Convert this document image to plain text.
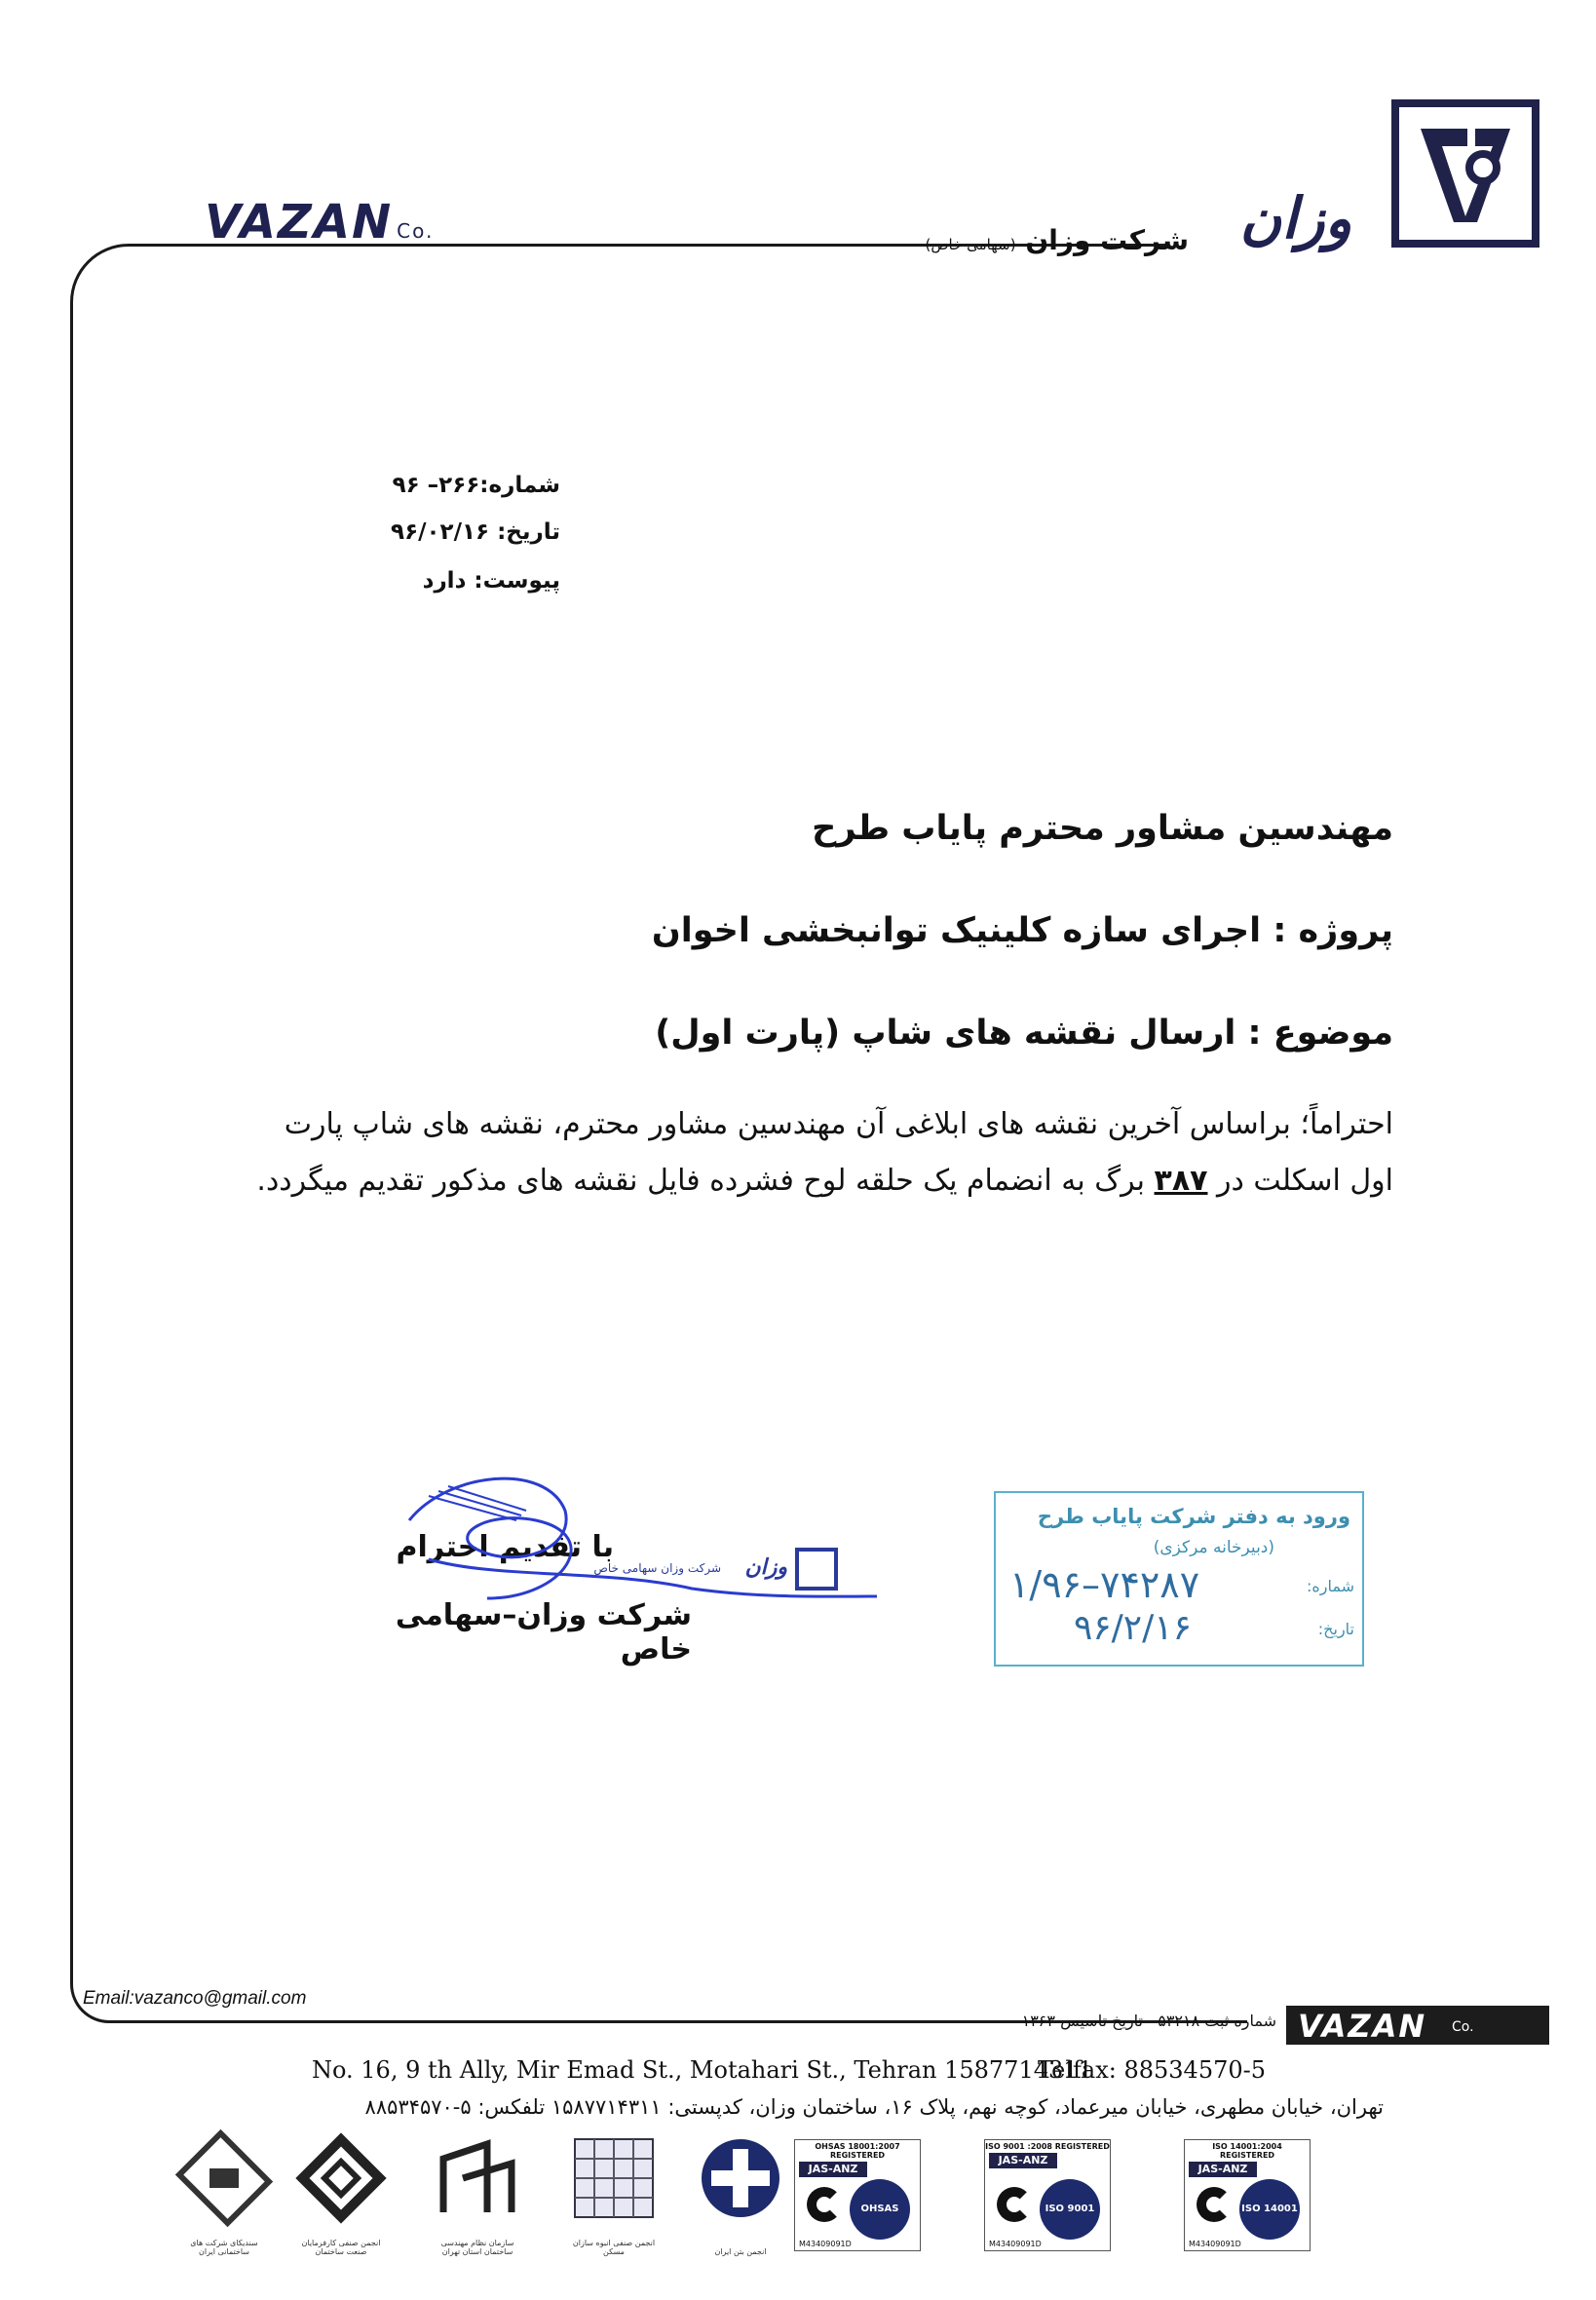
VAZAN Co.	شرکت وزان (سهامی خاص)	وزان
شماره:۲۶۶– ۹۶
تاریخ: ۹۶/۰۲/۱۶
پیوست: دارد
مهندسین مشاور محترم پایاب طرح
پروژه : اجرای سازه کلینیک توانبخشی اخوان
موضوع : ارسال نقشه های شاپ (پارت اول)
احتراماً؛ براساس آخرین نقشه های ابلاغی آن مهندسین مشاور محترم، نقشه های شاپ پارت
اول اسکلت در ۳۸۷ برگ به انضمام یک حلقه لوح فشرده فایل نقشه های مذکور تقدیم میگردد.
با تقدیم احترام
شرکت وزان–سهامی خاص
وزان
شرکت وزان سهامی خاص
ورود به دفتر شرکت پایاب طرح
(دبیرخانه مرکزی)
شماره:
۷۴۲۸۷–۱/۹۶
تاریخ:
۹۶/۲/۱۶
Email:vazanco@gmail.com
شماره ثبت ۵۳۲۱۸   تاریخ تاسیس ۱۳۶۳	VAZAN Co.
No. 16, 9 th Ally, Mir Emad St., Motahari St., Tehran 1587714311
Telfax: 88534570-5
تهران، خیابان مطهری، خیابان میرعماد، کوچه نهم، پلاک ۱۶، ساختمان وزان، کدپستی: ۱۵۸۷۷۱۴۳۱۱ تلفکس: ۵-۸۸۵۳۴۵۷۰
سندیکای شرکت های ساختمانی ایران
انجمن صنفی کارفرمایان صنعت ساختمان
سازمان نظام مهندسی ساختمان استان تهران
انجمن صنفی انبوه سازان مسکن	انجمن بتن ایران
OHSAS 18001:2007 REGISTERED
JAS-ANZ
OHSAS 18001
M43409091D
ISO 9001 :2008 REGISTERED
JAS-ANZ
ISO 9001
M43409091D
ISO 14001:2004 REGISTERED
JAS-ANZ
ISO 14001
M43409091D
